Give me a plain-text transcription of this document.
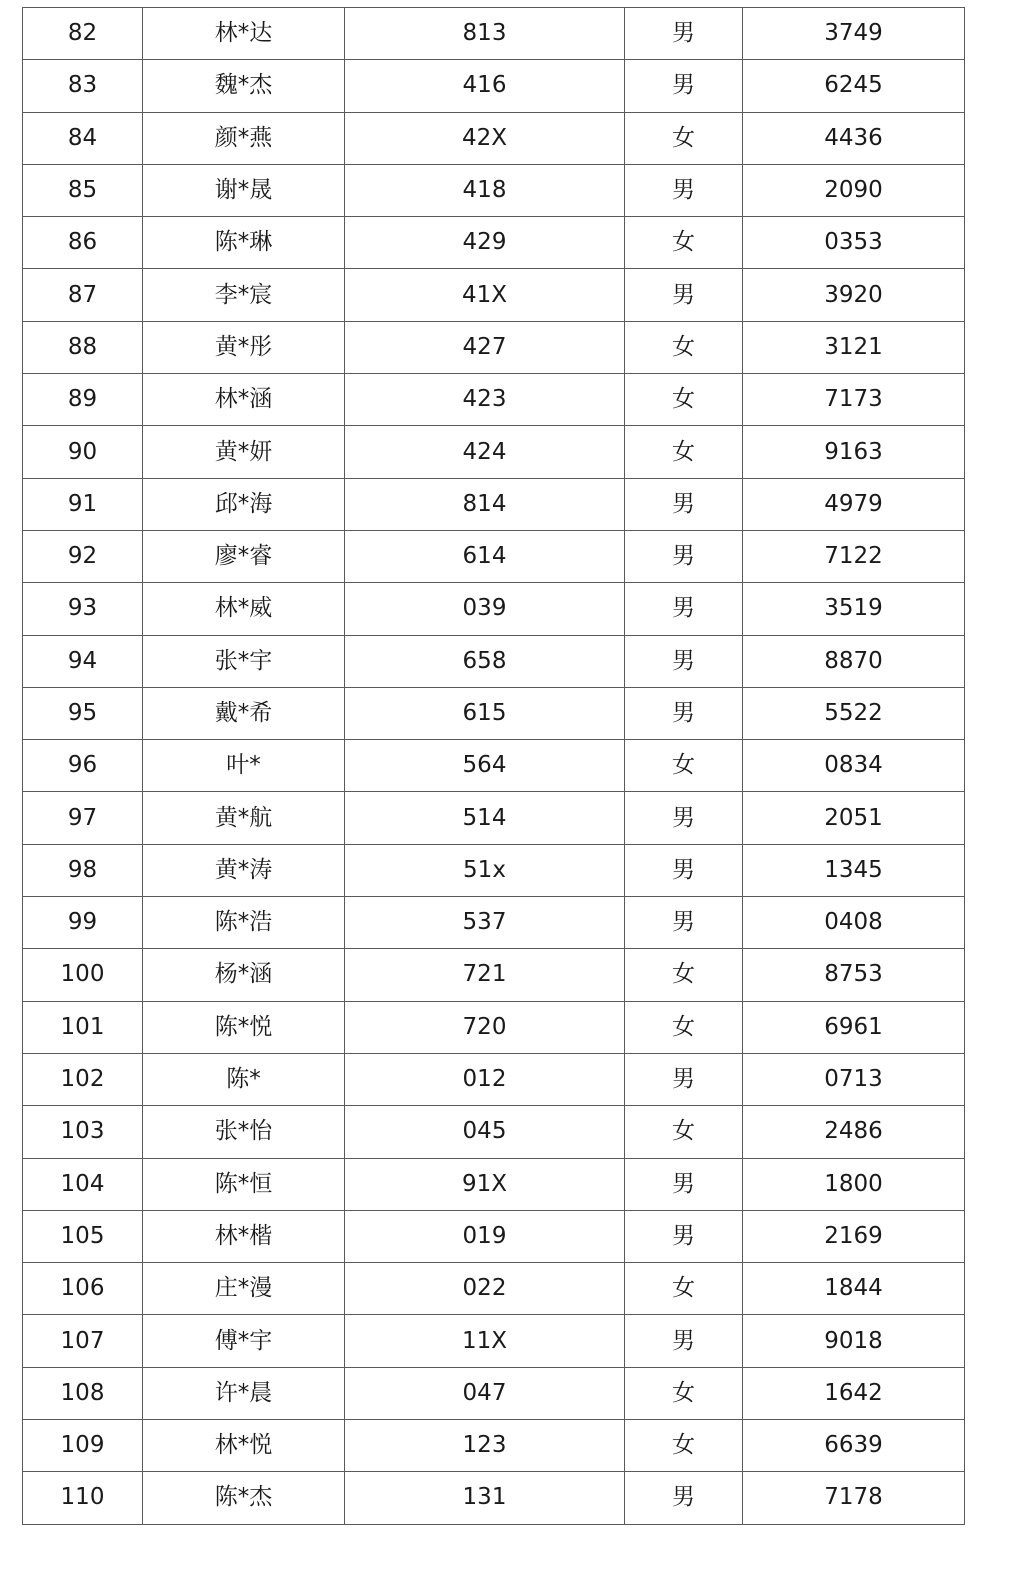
82	林*达	813	男	3749
83	魏*杰	416	男	6245
84	颜*燕	42X	女	4436
85	谢*晟	418	男	2090
86	陈*琳	429	女	0353
87	李*宸	41X	男	3920
88	黄*彤	427	女	3121
89	林*涵	423	女	7173
90	黄*妍	424	女	9163
91	邱*海	814	男	4979
92	廖*睿	614	男	7122
93	林*威	039	男	3519
94	张*宇	658	男	8870
95	戴*希	615	男	5522
96	叶*	564	女	0834
97	黄*航	514	男	2051
98	黄*涛	51x	男	1345
99	陈*浩	537	男	0408
100	杨*涵	721	女	8753
101	陈*悦	720	女	6961
102	陈*	012	男	0713
103	张*怡	045	女	2486
104	陈*恒	91X	男	1800
105	林*楷	019	男	2169
106	庄*漫	022	女	1844
107	傅*宇	11X	男	9018
108	许*晨	047	女	1642
109	林*悦	123	女	6639
110	陈*杰	131	男	7178
